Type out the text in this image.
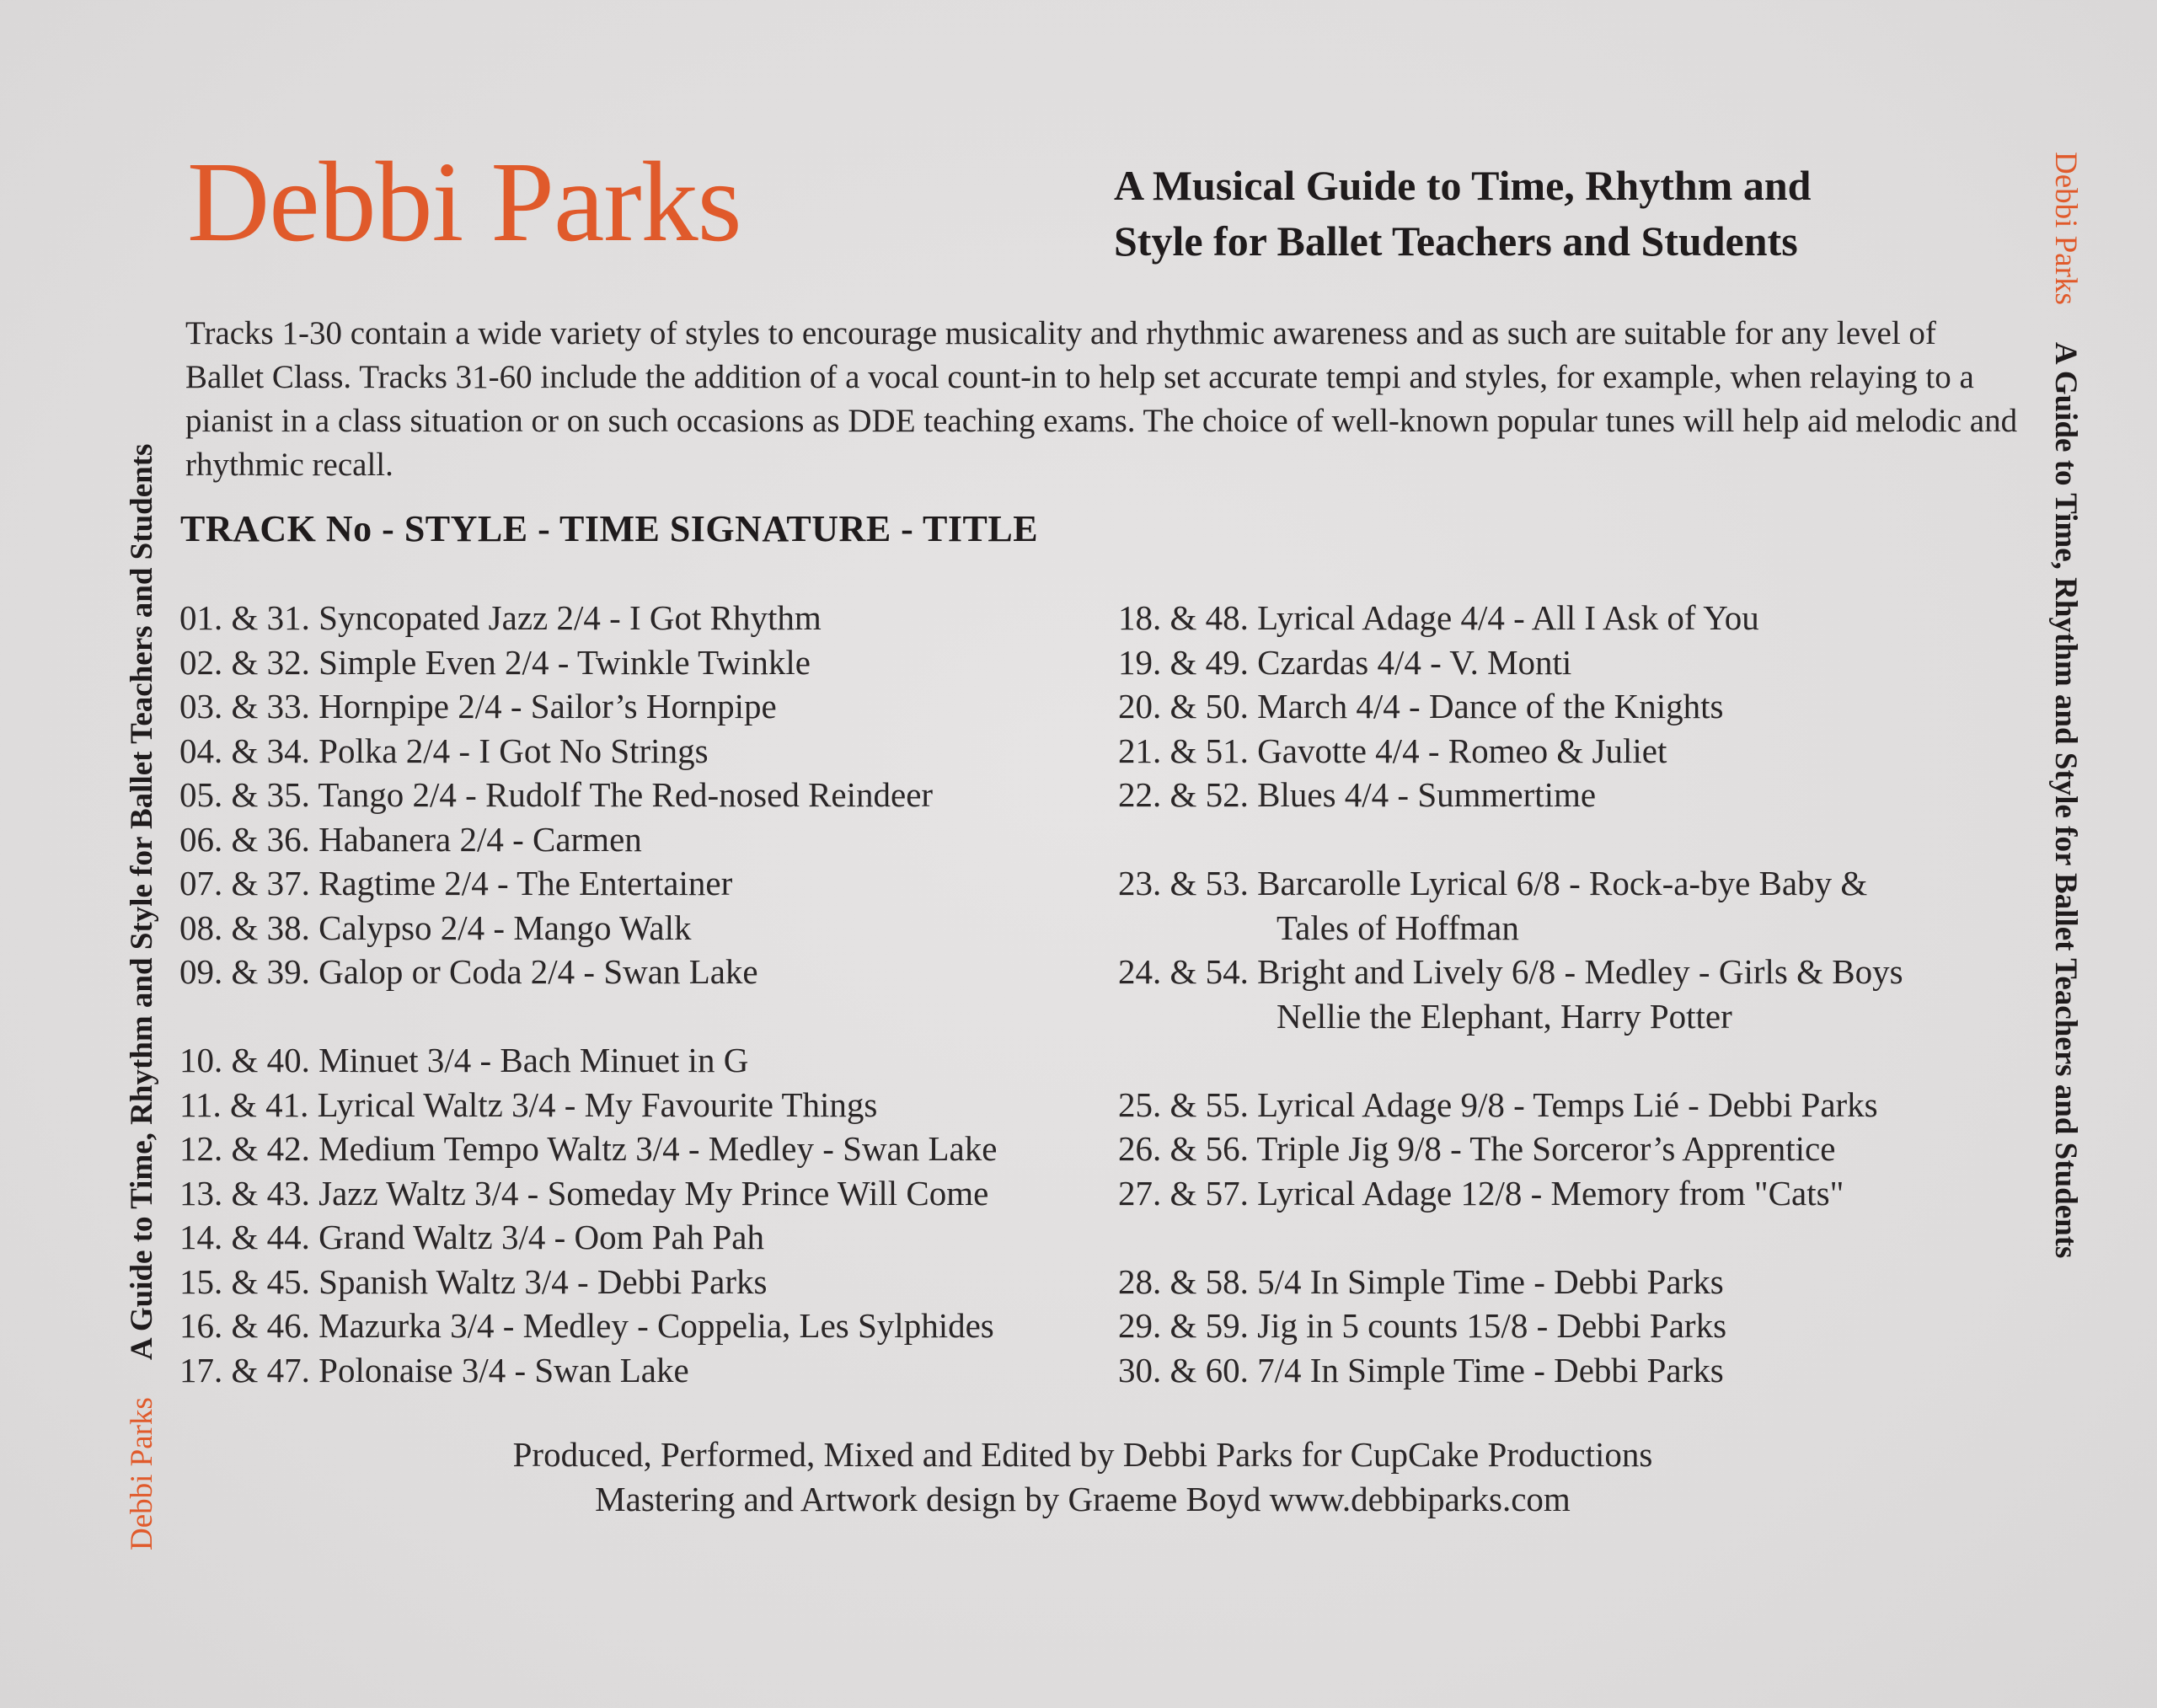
Debbi ParksA Guide to Time, Rhythm and Style for Ballet Teachers and Students
Debbi ParksA Guide to Time, Rhythm and Style for Ballet Teachers and Students
Debbi Parks	A Musical Guide to Time, Rhythm and
Style for Ballet Teachers and Students

Tracks 1-30 contain a wide variety of styles to encourage musicality and rhythmic awareness and as such are suitable for any level of Ballet Class. Tracks 31-60 include the addition of a vocal count-in to help set accurate tempi and styles, for example, when relaying to a pianist in a class situation or on such occasions as DDE teaching exams. The choice of well-known popular tunes will help aid melodic and rhythmic recall.

TRACK No - STYLE - TIME SIGNATURE - TITLE
01. & 31. Syncopated Jazz 2/4 - I Got Rhythm
02. & 32. Simple Even 2/4 - Twinkle Twinkle
03. & 33. Hornpipe 2/4 - Sailor’s Hornpipe
04. & 34. Polka 2/4 - I Got No Strings
05. & 35. Tango 2/4 - Rudolf The Red-nosed Reindeer
06. & 36. Habanera 2/4 - Carmen
07. & 37. Ragtime 2/4 - The Entertainer
08. & 38. Calypso 2/4 - Mango Walk
09. & 39. Galop or Coda 2/4 - Swan Lake
10. & 40. Minuet 3/4 - Bach Minuet in G
11. & 41. Lyrical Waltz 3/4 - My Favourite Things
12. & 42. Medium Tempo Waltz 3/4 - Medley - Swan Lake
13. & 43. Jazz Waltz 3/4 - Someday My Prince Will Come
14. & 44. Grand Waltz 3/4 - Oom Pah Pah
15. & 45. Spanish Waltz 3/4 - Debbi Parks
16. & 46. Mazurka 3/4 - Medley - Coppelia, Les Sylphides
17. & 47. Polonaise 3/4 - Swan Lake
18. & 48. Lyrical Adage 4/4 - All I Ask of You
19. & 49. Czardas 4/4 - V. Monti
20. & 50. March 4/4 - Dance of the Knights
21. & 51. Gavotte 4/4 - Romeo & Juliet
22. & 52. Blues 4/4 - Summertime
23. & 53. Barcarolle Lyrical 6/8 - Rock-a-bye Baby &
Tales of Hoffman
24. & 54. Bright and Lively 6/8 - Medley - Girls & Boys
Nellie the Elephant, Harry Potter
25. & 55. Lyrical Adage 9/8 - Temps Lié - Debbi Parks
26. & 56. Triple Jig 9/8 - The Sorceror’s Apprentice
27. & 57. Lyrical Adage 12/8 - Memory from "Cats"
28. & 58. 5/4 In Simple Time - Debbi Parks
29. & 59. Jig in 5 counts 15/8 - Debbi Parks
30. & 60. 7/4 In Simple Time - Debbi Parks
Produced, Performed, Mixed and Edited by Debbi Parks for CupCake Productions
Mastering and Artwork design by Graeme Boyd www.debbiparks.com
